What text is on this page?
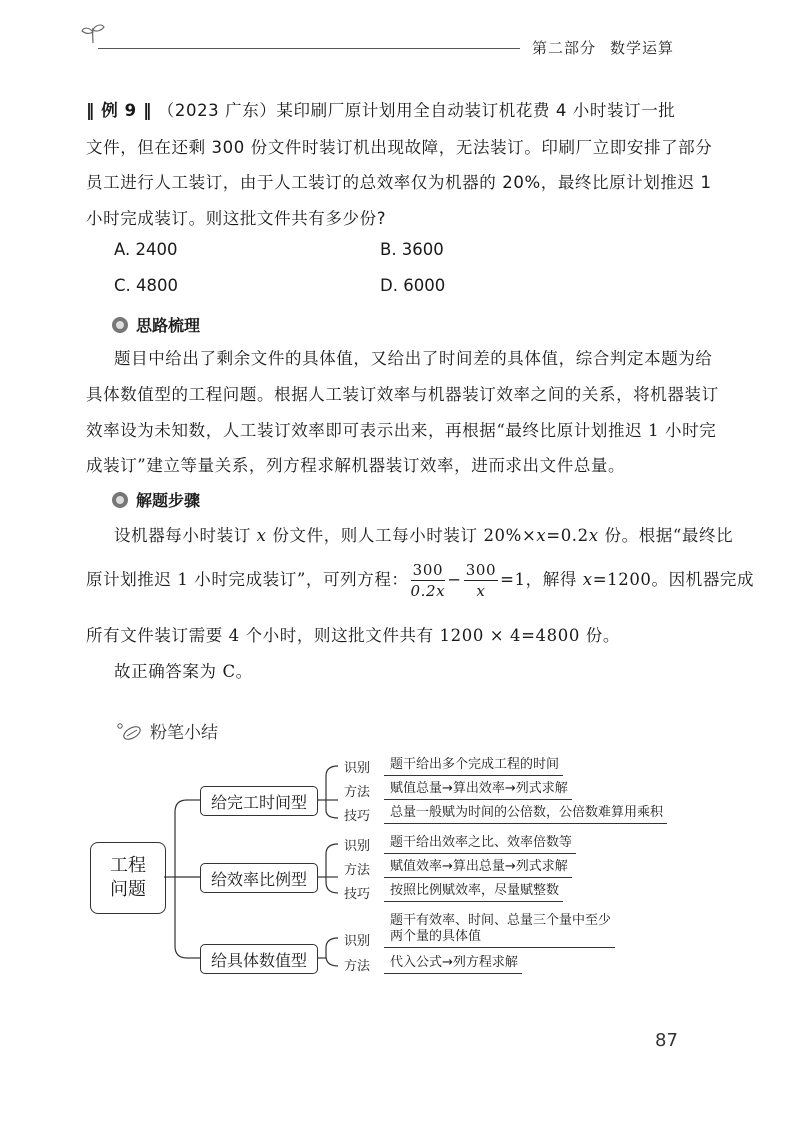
第二部分 数学运算
‖ 例 9 ‖ （2023 广东）某印刷厂原计划用全自动装订机花费 4 小时装订一批
文件，但在还剩 300 份文件时装订机出现故障，无法装订。印刷厂立即安排了部分
员工进行人工装订，由于人工装订的总效率仅为机器的 20%，最终比原计划推迟 1
小时完成装订。则这批文件共有多少份?
A. 2400	B. 3600
C. 4800	D. 6000
思路梳理
题目中给出了剩余文件的具体值，又给出了时间差的具体值，综合判定本题为给
具体数值型的工程问题。根据人工装订效率与机器装订效率之间的关系，将机器装订
效率设为未知数，人工装订效率即可表示出来，再根据“最终比原计划推迟 1 小时完
成装订”建立等量关系，列方程求解机器装订效率，进而求出文件总量。
解题步骤
设机器每小时装订 x 份文件，则人工每小时装订 20%×x=0.2x 份。根据“最终比
原计划推迟 1 小时完成装订”，可列方程： $\frac{300}{0.2x} - \frac{300}{x} =1$，解得 x=1200。因机器完成
所有文件装订需要 4 个小时，则这批文件共有 1200 × 4=4800 份。
故正确答案为 C。
粉笔小结
工程
问题
给完工时间型
识别	题干给出多个完成工程的时间
方法	赋值总量→算出效率→列式求解
技巧	总量一般赋为时间的公倍数，公倍数难算用乘积
给效率比例型
识别	题干给出效率之比、效率倍数等
方法	赋值效率→算出总量→列式求解
技巧	按照比例赋效率，尽量赋整数
给具体数值型
识别
题干有效率、时间、总量三个量中至少
两个量的具体值
方法	代入公式→列方程求解
87
